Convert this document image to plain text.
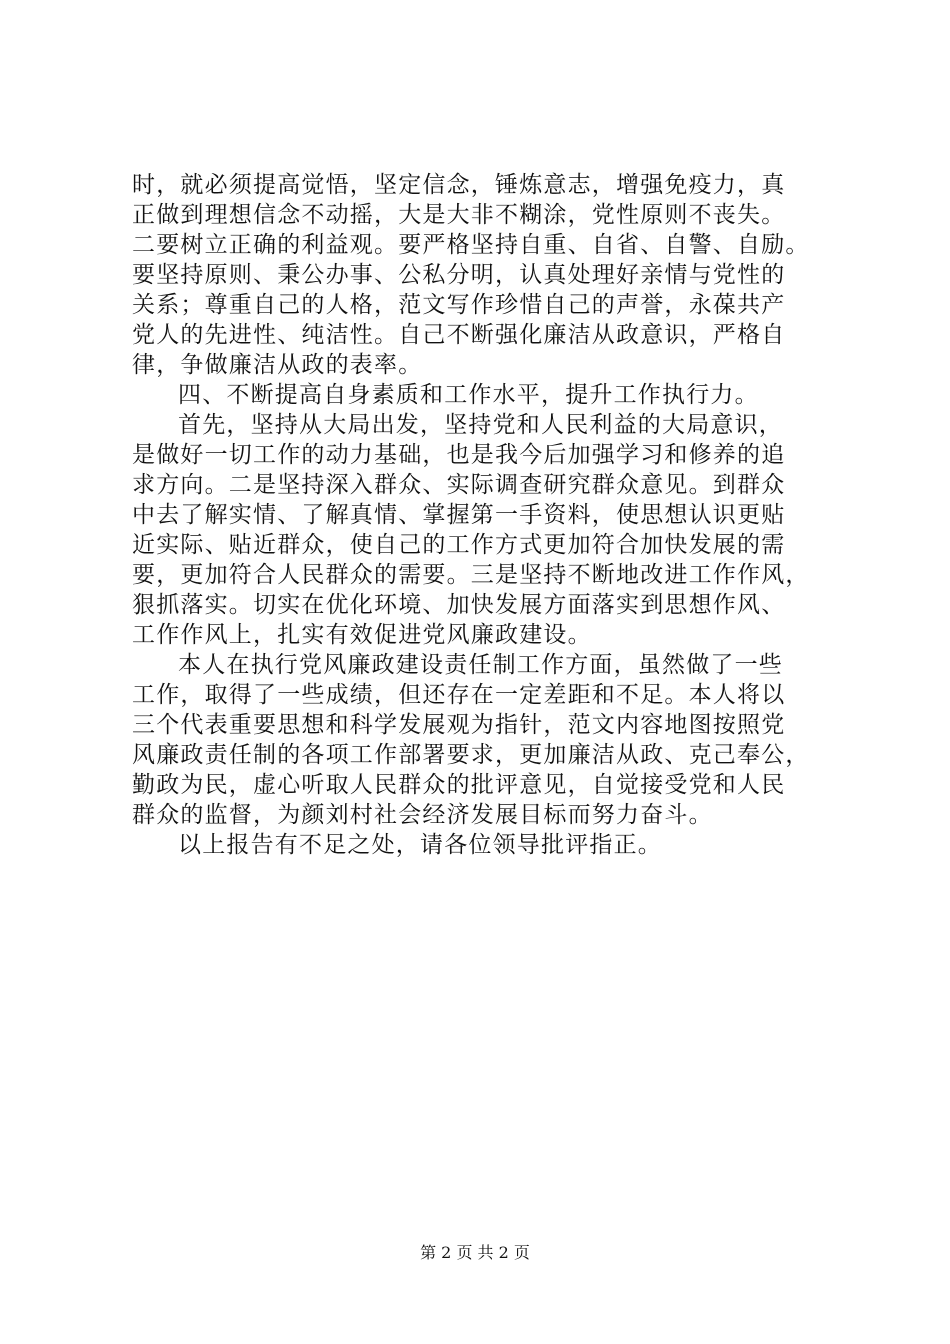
时，就必须提高觉悟，坚定信念，锤炼意志，增强免疫力，真
正做到理想信念不动摇，大是大非不糊涂，党性原则不丧失。
二要树立正确的利益观。要严格坚持自重、自省、自警、自励。
要坚持原则、秉公办事、公私分明，认真处理好亲情与党性的
关系；尊重自己的人格，范文写作珍惜自己的声誉，永葆共产
党人的先进性、纯洁性。自己不断强化廉洁从政意识，严格自
律，争做廉洁从政的表率。
四、不断提高自身素质和工作水平，提升工作执行力。
首先，坚持从大局出发，坚持党和人民利益的大局意识，
是做好一切工作的动力基础，也是我今后加强学习和修养的追
求方向。二是坚持深入群众、实际调查研究群众意见。到群众
中去了解实情、了解真情、掌握第一手资料，使思想认识更贴
近实际、贴近群众，使自己的工作方式更加符合加快发展的需
要，更加符合人民群众的需要。三是坚持不断地改进工作作风，
狠抓落实。切实在优化环境、加快发展方面落实到思想作风、
工作作风上，扎实有效促进党风廉政建设。
本人在执行党风廉政建设责任制工作方面，虽然做了一些
工作，取得了一些成绩，但还存在一定差距和不足。本人将以
三个代表重要思想和科学发展观为指针，范文内容地图按照党
风廉政责任制的各项工作部署要求，更加廉洁从政、克己奉公，
勤政为民，虚心听取人民群众的批评意见，自觉接受党和人民
群众的监督，为颜刘村社会经济发展目标而努力奋斗。
以上报告有不足之处，请各位领导批评指正。
第 2 页 共 2 页
